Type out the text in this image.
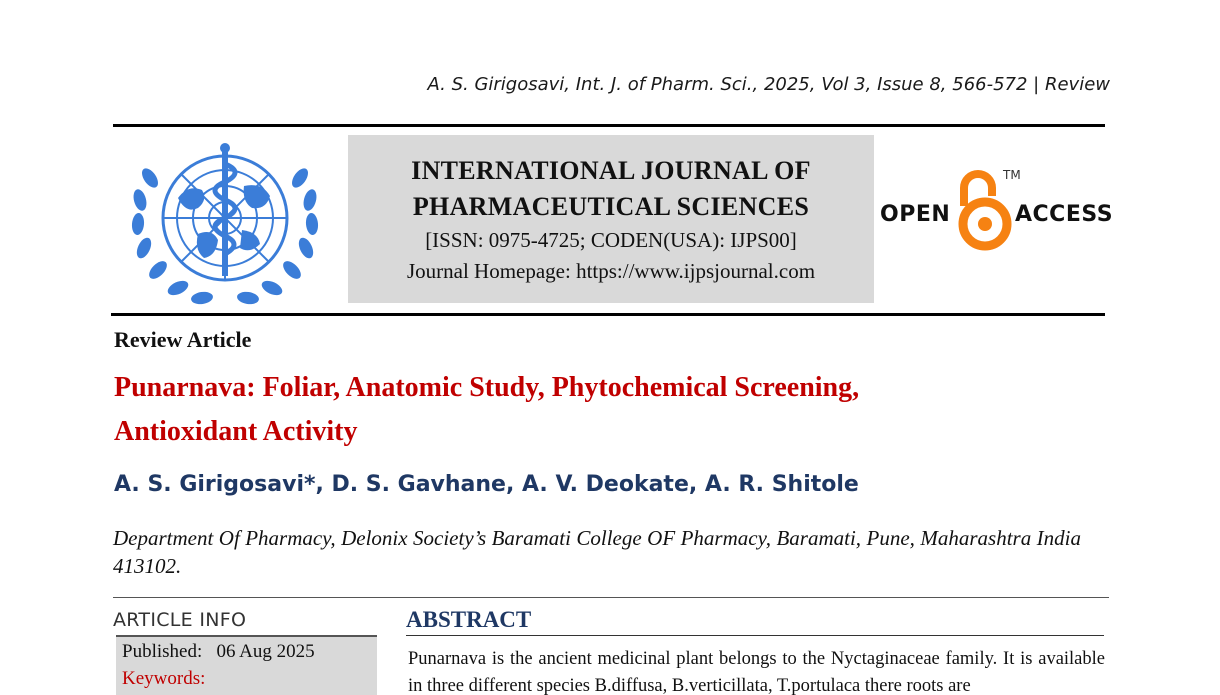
A. S. Girigosavi, Int. J. of Pharm. Sci., 2025, Vol 3, Issue 8, 566-572 | Review
INTERNATIONAL JOURNAL OF
PHARMACEUTICAL SCIENCES
[ISSN: 0975-4725; CODEN(USA): IJPS00]
Journal Homepage: https://www.ijpsjournal.com
OPEN
TM
ACCESS
Review Article
Punarnava: Foliar, Anatomic Study, Phytochemical Screening,
Antioxidant Activity
A. S. Girigosavi*, D. S. Gavhane, A. V. Deokate, A. R. Shitole
Department Of Pharmacy, Delonix Society’s Baramati College OF Pharmacy, Baramati, Pune, Maharashtra India 413102.
ARTICLE INFO
Published: 06 Aug 2025
Keywords:
ABSTRACT
Punarnava is the ancient medicinal plant belongs to the Nyctaginaceae family. It is available in three different species B.diffusa, B.verticillata, T.portulaca there roots are
